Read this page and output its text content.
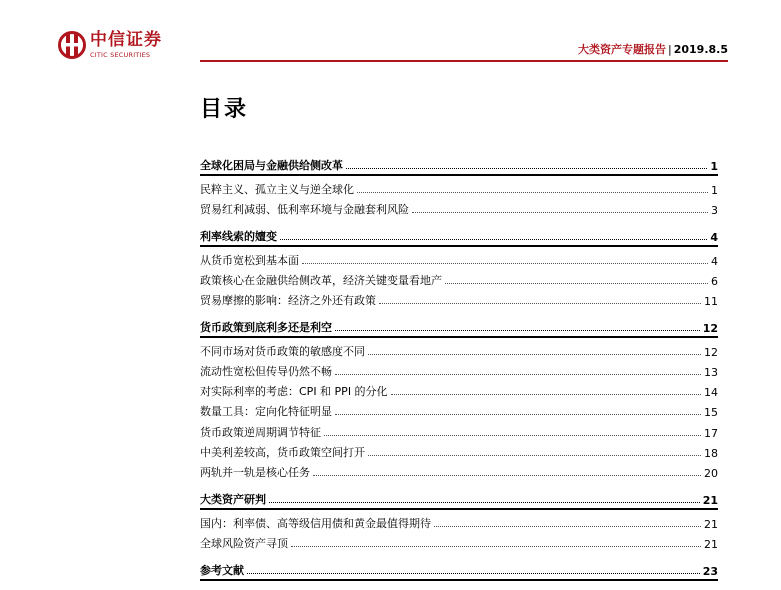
中信证券
CITIC SECURITIES	大类资产专题报告 | 2019.8.5
目录
全球化困局与金融供给侧改革	1
民粹主义、孤立主义与逆全球化	1
贸易红利减弱、低利率环境与金融套利风险	3
利率线索的嬗变	4
从货币宽松到基本面	4
政策核心在金融供给侧改革，经济关键变量看地产	6
贸易摩擦的影响：经济之外还有政策	11
货币政策到底利多还是利空	12
不同市场对货币政策的敏感度不同	12
流动性宽松但传导仍然不畅	13
对实际利率的考虑：CPI 和 PPI 的分化	14
数量工具：定向化特征明显	15
货币政策逆周期调节特征	17
中美利差较高，货币政策空间打开	18
两轨并一轨是核心任务	20
大类资产研判	21
国内：利率债、高等级信用债和黄金最值得期待	21
全球风险资产寻顶	21
参考文献	23
